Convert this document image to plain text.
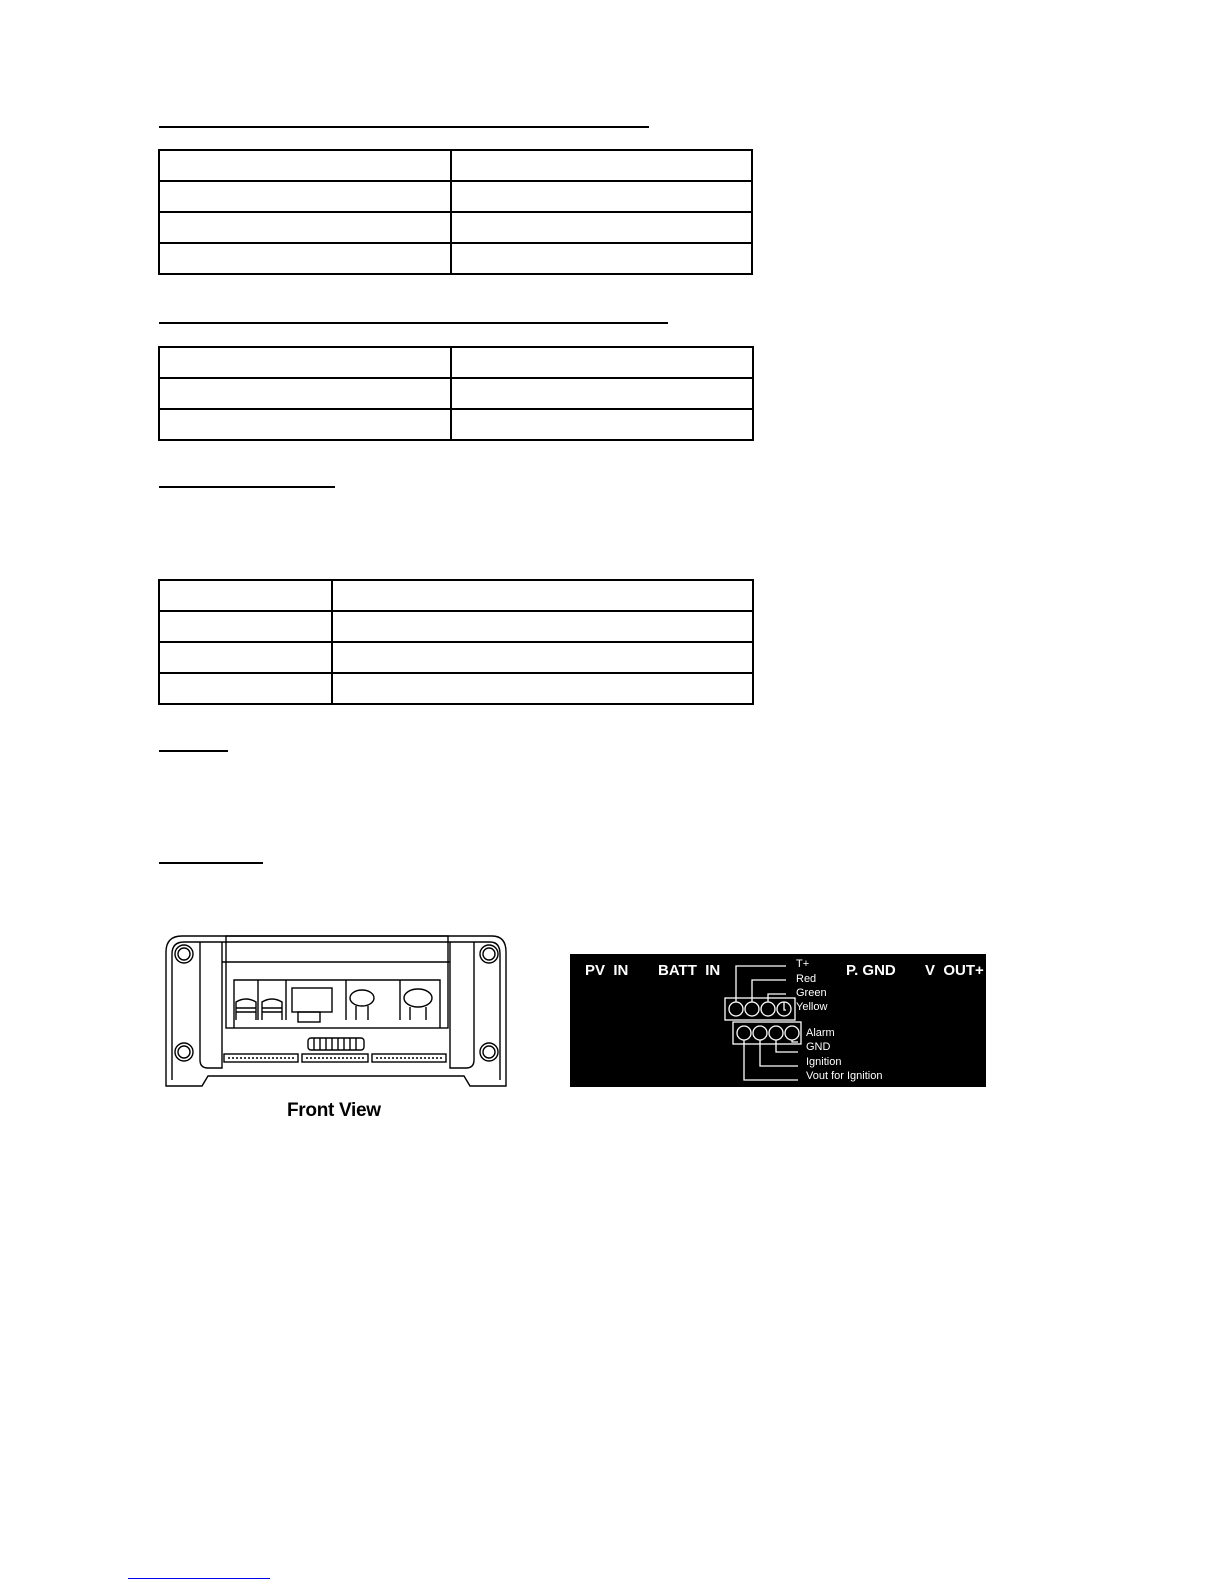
Front View
PV  IN BATT  IN	P. GND V  OUT+
T+
Red
Green
Yellow
Alarm
GND
Ignition
Vout for Ignition
